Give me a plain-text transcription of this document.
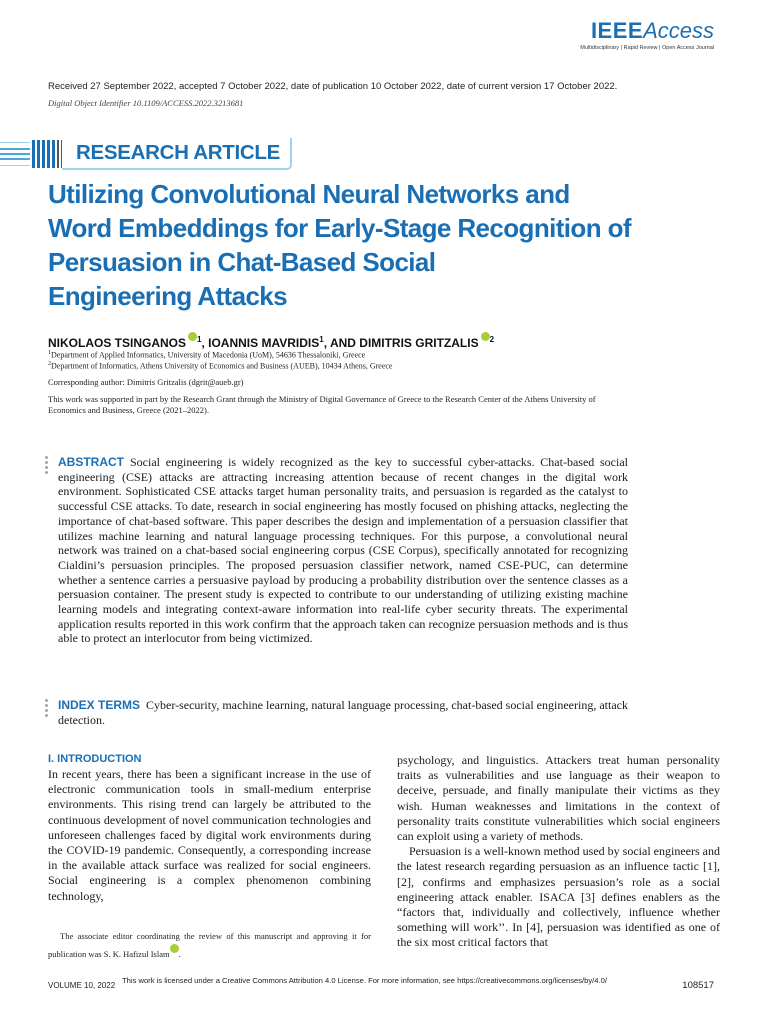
IEEEAccess
Multidisciplinary | Rapid Review | Open Access Journal
Received 27 September 2022, accepted 7 October 2022, date of publication 10 October 2022, date of current version 17 October 2022.
Digital Object Identifier 10.1109/ACCESS.2022.3213681
RESEARCH ARTICLE
Utilizing Convolutional Neural Networks and
Word Embeddings for Early-Stage Recognition of
Persuasion in Chat-Based Social
Engineering Attacks
NIKOLAOS TSINGANOS $^1$, IOANNIS MAVRIDIS$^1$, AND DIMITRIS GRITZALIS $^2$
$^1$Department of Applied Informatics, University of Macedonia (UoM), 54636 Thessaloniki, Greece
$^2$Department of Informatics, Athens University of Economics and Business (AUEB), 10434 Athens, Greece
Corresponding author: Dimitris Gritzalis (dgrit@aueb.gr)
This work was supported in part by the Research Grant through the Ministry of Digital Governance of Greece to the Research Center of the Athens University of Economics and Business, Greece (2021–2022).
ABSTRACT Social engineering is widely recognized as the key to successful cyber-attacks. Chat-based social engineering (CSE) attacks are attracting increasing attention because of recent changes in the digital work environment. Sophisticated CSE attacks target human personality traits, and persuasion is regarded as the catalyst to successful CSE attacks. To date, research in social engineering has mostly focused on phishing attacks, neglecting the importance of chat-based software. This paper describes the design and implementation of a persuasion classifier that utilizes machine learning and natural language processing techniques. For this purpose, a convolutional neural network was trained on a chat-based social engineering corpus (CSE Corpus), specifically annotated for recognizing Cialdini’s persuasion principles. The proposed persuasion classifier network, named CSE-PUC, can determine whether a sentence carries a persuasive payload by producing a probability distribution over the sentence classes as a persuasion container. The present study is expected to contribute to our understanding of utilizing existing machine learning models and integrating context-aware information into real-life cyber security threats. The experimental application results reported in this work confirm that the approach taken can recognize persuasion methods and is thus able to protect an interlocutor from being victimized.
INDEX TERMS Cyber-security, machine learning, natural language processing, chat-based social engineering, attack detection.
I. INTRODUCTION

In recent years, there has been a significant increase in the use of electronic communication tools in small-medium enterprise environments. This rising trend can largely be attributed to the continuous development of novel communication technologies and unforeseen challenges faced by digital work environments during the COVID-19 pandemic. Consequently, a corresponding increase in the available attack surface was realized for social engineers. Social engineering is a complex phenomenon combining technology,

psychology, and linguistics. Attackers treat human personality traits as vulnerabilities and use language as their weapon to deceive, persuade, and finally manipulate their victims as they wish. Human weaknesses and limitations in the context of personality traits constitute vulnerabilities which social engineers can exploit using a variety of methods.

Persuasion is a well-known method used by social engineers and the latest research regarding persuasion as an influence tactic [1], [2], confirms and emphasizes persuasion’s role as a social engineering attack enabler. ISACA [3] defines enablers as the “factors that, individually and collectively, influence whether something will work’’. In [4], persuasion was identified as one of the six most critical factors that

The associate editor coordinating the review of this manuscript and approving it for publication was S. K. Hafizul Islam .
VOLUME 10, 2022
This work is licensed under a Creative Commons Attribution 4.0 License. For more information, see https://creativecommons.org/licenses/by/4.0/	108517
